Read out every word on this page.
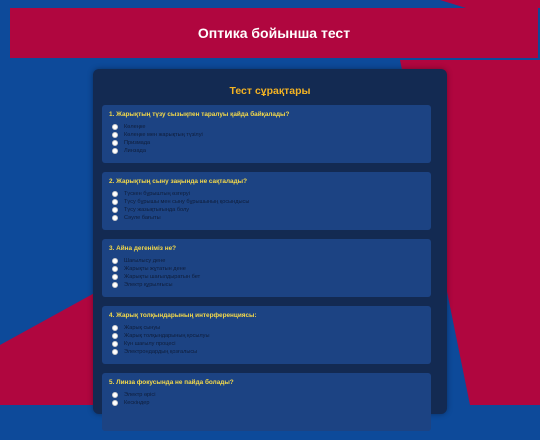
Оптика бойынша тест
Тест сұрақтары
1. Жарықтың түзу сызықпен таралуы қайда байқалады?
Көлеңке
Көлеңке мен жарықтың түзілуі
Призмада
Линзада
2. Жарықтың сыну заңында не сақталады?
Түскен бұрыштың өзгеруі
Түсу бұрышы мен сыну бұрышының қосындысы
Түсу жазықтығында болу
Сәуле бағыты
3. Айна дегеніміз не?
Шағылысу дене
Жарықты жұтатын дене
Жарықты шағылдыратын бет
Электр құрылғысы
4. Жарық толқындарының интерференциясы:
Жарық сынуы
Жарық толқындарының қосылуы
Күн шағылу процесі
Электрондардың қозғалысы
5. Линза фокусында не пайда болады?
Электр өрісі
Кескіндер
